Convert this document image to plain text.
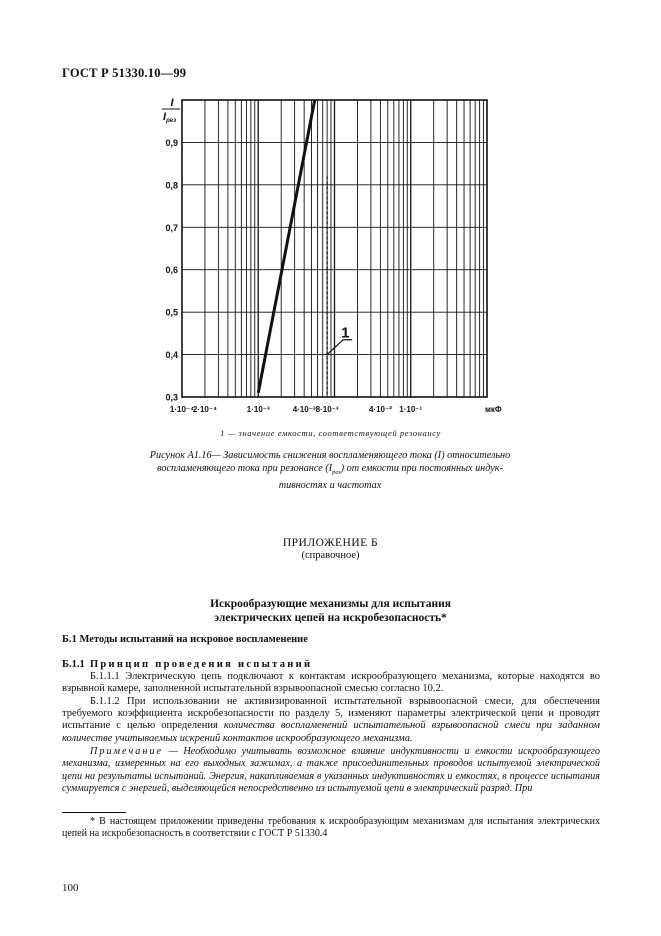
ГОСТ Р 51330.10—99
1
I
Iрез
0,3
0,4
0,5
0,6
0,7
0,8
0,9
1·10⁻⁴
2·10⁻⁴	1·10⁻³	4·10⁻³ 8·10⁻³	4·10⁻² 1·10⁻¹	мкФ
1 — значение емкости, соответствующей резонансу
Рисунок А1.16— Зависимость снижения воспламеняющего тока (I) относительно
воспламеняющего тока при резонансе $(I_{рез})$ от емкости при постоянных индук-
тивностях и частотах
ПРИЛОЖЕНИЕ Б
(справочное)
Искрообразующие механизмы для испытания
электрических цепей на искробезопасность*
Б.1 Методы испытаний на искровое воспламенение
Б.1.1 Принцип проведения испытаний
Б.1.1.1 Электрическую цепь подключают к контактам искрообразующего механизма, которые находятся во взрывной камере, заполненной испытательной взрывоопасной смесью согласно 10.2.
Б.1.1.2 При использовании не активизированной испытательной взрывоопасной смеси, для обеспечения требуемого коэффициента искробезопасности по разделу 5, изменяют параметры электрической цепи и проводят испытание с целью определения количества воспламенений испытательной взрывоопасной смеси при заданном количестве учитываемых искрений контактов искрообразующего механизма.
Примечание — Необходимо учитывать возможное влияние индуктивности и емкости искрообразующего механизма, измеренных на его выходных зажимах, а также присоединительных проводов испытуемой электрической цепи на результаты испытаний. Энергия, накапливаемая в указанных индуктивностях и емкостях, в процессе испытания суммируется с энергией, выделяющейся непосредственно из испытуемой цепи в электрический разряд. При
* В настоящем приложении приведены требования к искрообразующим механизмам для испытания электрических цепей на искробезопасность в соответствии с ГОСТ Р 51330.4
100
